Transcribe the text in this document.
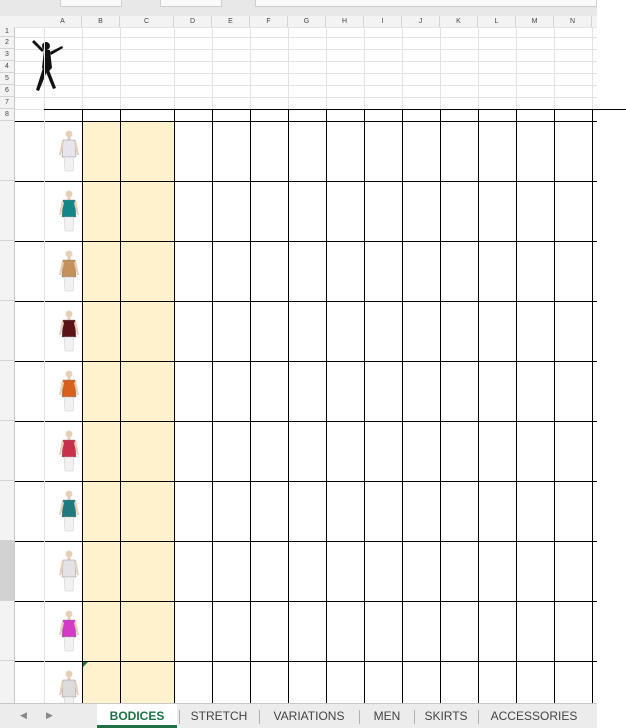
A	B	C	D	E	F	G	H	I	J	K	L	M	N
1
2
3
4
5
6
7
8
◀ ▶	BODICES	STRETCH	VARIATIONS	MEN	SKIRTS	ACCESSORIES
